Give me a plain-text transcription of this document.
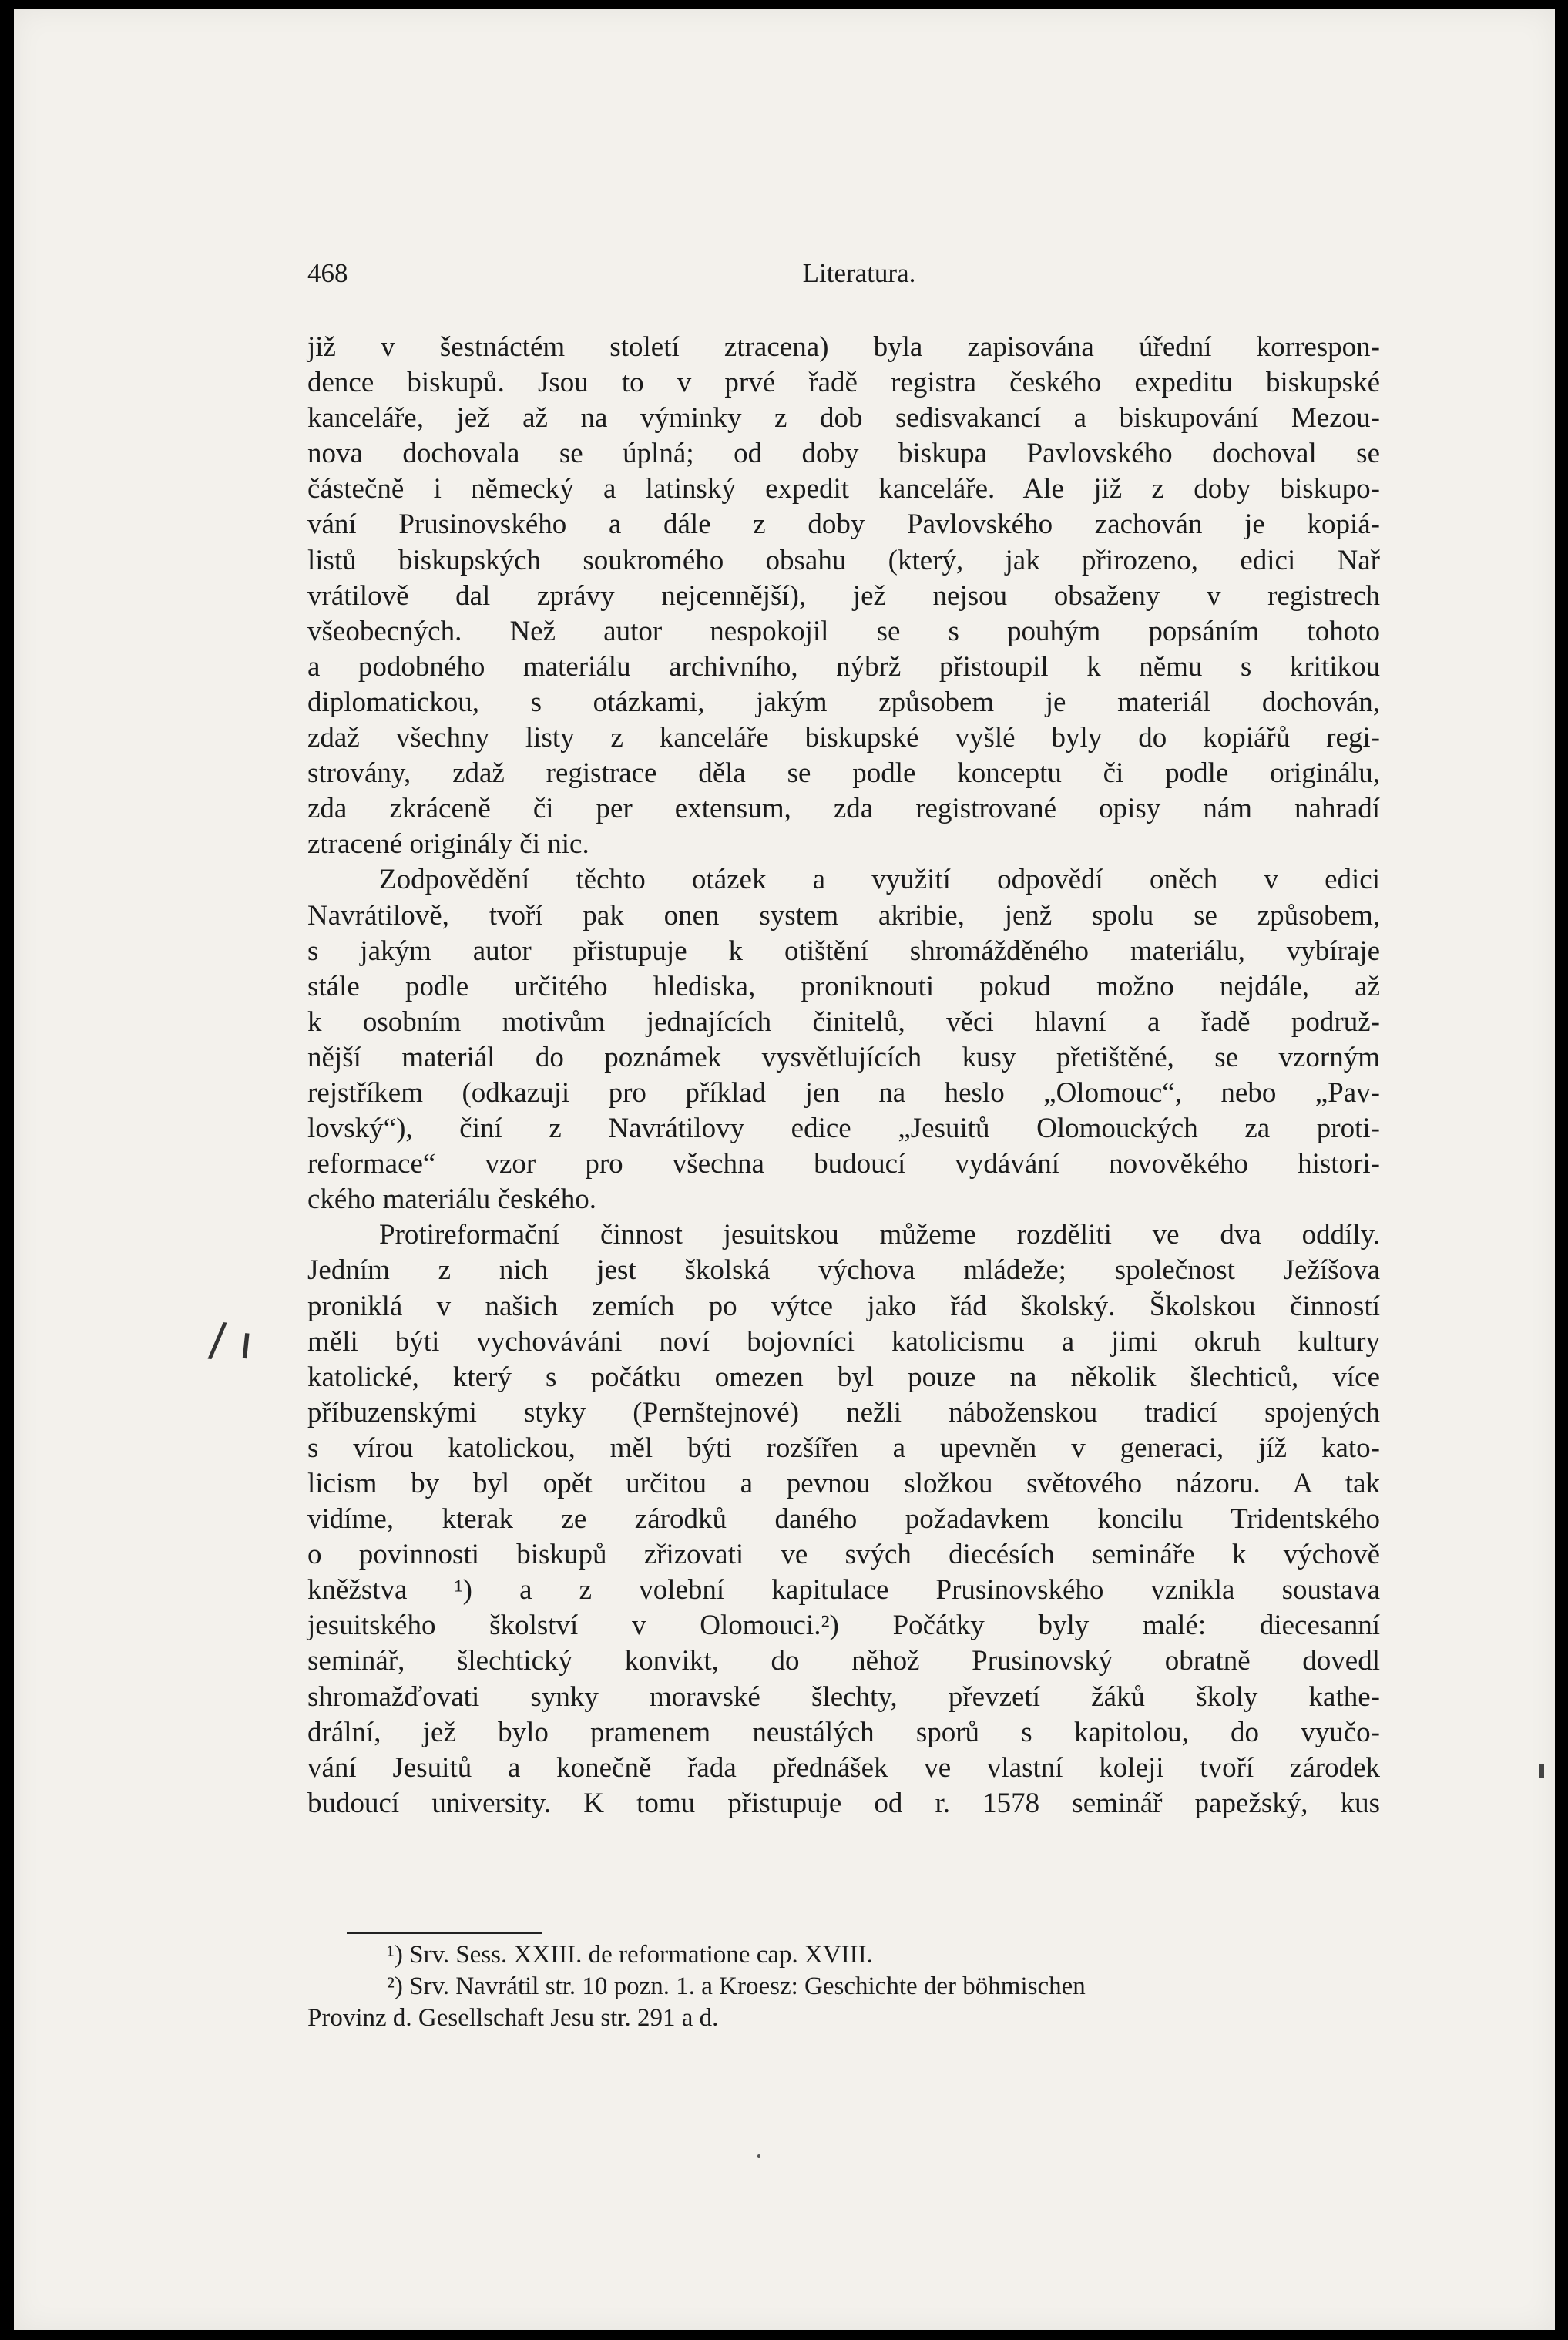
468	Literatura.
/ ı
již v šestnáctém století ztracena) byla zapisována úřední korrespon-
dence biskupů. Jsou to v prvé řadě registra českého expeditu biskupské
kanceláře, jež až na výminky z dob sedisvakancí a biskupování Mezou-
nova dochovala se úplná; od doby biskupa Pavlovského dochoval se
částečně i německý a latinský expedit kanceláře. Ale již z doby biskupo-
vání Prusinovského a dále z doby Pavlovského zachován je kopiá-
listů biskupských soukromého obsahu (který, jak přirozeno, edici Nař
vrátilově dal zprávy nejcennější), jež nejsou obsaženy v registrech
všeobecných. Než autor nespokojil se s pouhým popsáním tohoto
a podobného materiálu archivního, nýbrž přistoupil k němu s kritikou
diplomatickou, s otázkami, jakým způsobem je materiál dochován,
zdaž všechny listy z kanceláře biskupské vyšlé byly do kopiářů regi-
strovány, zdaž registrace děla se podle konceptu či podle originálu,
zda zkráceně či per extensum, zda registrované opisy nám nahradí
ztracené originály či nic.
Zodpovědění těchto otázek a využití odpovědí oněch v edici
Navrátilově, tvoří pak onen system akribie, jenž spolu se způsobem,
s jakým autor přistupuje k otištění shromážděného materiálu, vybíraje
stále podle určitého hlediska, proniknouti pokud možno nejdále, až
k osobním motivům jednajících činitelů, věci hlavní a řadě podruž-
nější materiál do poznámek vysvětlujících kusy přetištěné, se vzorným
rejstříkem (odkazuji pro příklad jen na heslo „Olomouc“, nebo „Pav-
lovský“), činí z Navrátilovy edice „Jesuitů Olomouckých za proti-
reformace“ vzor pro všechna budoucí vydávání novověkého histori-
ckého materiálu českého.
Protireformační činnost jesuitskou můžeme rozděliti ve dva oddíly.
Jedním z nich jest školská výchova mládeže; společnost Ježíšova
proniklá v našich zemích po výtce jako řád školský. Školskou činností
měli býti vychováváni noví bojovníci katolicismu a jimi okruh kultury
katolické, který s počátku omezen byl pouze na několik šlechticů, více
příbuzenskými styky (Pernštejnové) nežli náboženskou tradicí spojených
s vírou katolickou, měl býti rozšířen a upevněn v generaci, jíž kato-
licism by byl opět určitou a pevnou složkou světového názoru. A tak
vidíme, kterak ze zárodků daného požadavkem koncilu Tridentského
o povinnosti biskupů zřizovati ve svých diecésích semináře k výchově
kněžstva ¹) a z volební kapitulace Prusinovského vznikla soustava
jesuitského školství v Olomouci.²) Počátky byly malé: diecesanní
seminář, šlechtický konvikt, do něhož Prusinovský obratně dovedl
shromažďovati synky moravské šlechty, převzetí žáků školy kathe-
drální, jež bylo pramenem neustálých sporů s kapitolou, do vyučo-
vání Jesuitů a konečně řada přednášek ve vlastní koleji tvoří zárodek
budoucí university. K tomu přistupuje od r. 1578 seminář papežský, kus
¹) Srv. Sess. XXIII. de reformatione cap. XVIII.
²) Srv. Navrátil str. 10 pozn. 1. a Kroesz: Geschichte der böhmischen
Provinz d. Gesellschaft Jesu str. 291 a d.
